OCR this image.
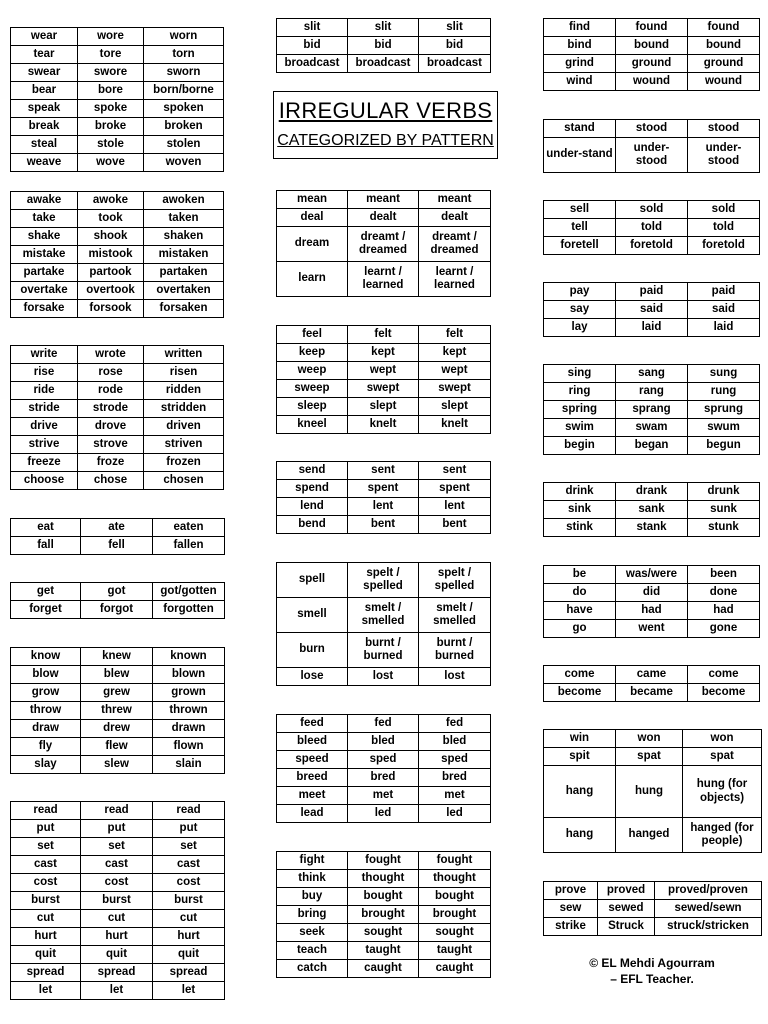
IRREGULAR VERBS
CATEGORIZED BY PATTERN
© EL Mehdi Agourram
– EFL Teacher.
wear	wore	worn
tear	tore	torn
swear	swore	sworn
bear	bore	born/borne
speak	spoke	spoken
break	broke	broken
steal	stole	stolen
weave	wove	woven
awake	awoke	awoken
take	took	taken
shake	shook	shaken
mistake	mistook	mistaken
partake	partook	partaken
overtake	overtook	overtaken
forsake	forsook	forsaken
write	wrote	written
rise	rose	risen
ride	rode	ridden
stride	strode	stridden
drive	drove	driven
strive	strove	striven
freeze	froze	frozen
choose	chose	chosen
eat	ate	eaten
fall	fell	fallen
get	got	got/gotten
forget	forgot	forgotten
know	knew	known
blow	blew	blown
grow	grew	grown
throw	threw	thrown
draw	drew	drawn
fly	flew	flown
slay	slew	slain
read	read	read
put	put	put
set	set	set
cast	cast	cast
cost	cost	cost
burst	burst	burst
cut	cut	cut
hurt	hurt	hurt
quit	quit	quit
spread	spread	spread
let	let	let
slit	slit	slit
bid	bid	bid
broadcast	broadcast	broadcast
mean	meant	meant
deal	dealt	dealt
dream	dreamt / dreamed	dreamt / dreamed
learn	learnt / learned	learnt / learned
feel	felt	felt
keep	kept	kept
weep	wept	wept
sweep	swept	swept
sleep	slept	slept
kneel	knelt	knelt
send	sent	sent
spend	spent	spent
lend	lent	lent
bend	bent	bent
spell	spelt / spelled	spelt / spelled
smell	smelt / smelled	smelt / smelled
burn	burnt / burned	burnt / burned
lose	lost	lost
feed	fed	fed
bleed	bled	bled
speed	sped	sped
breed	bred	bred
meet	met	met
lead	led	led
fight	fought	fought
think	thought	thought
buy	bought	bought
bring	brought	brought
seek	sought	sought
teach	taught	taught
catch	caught	caught
find	found	found
bind	bound	bound
grind	ground	ground
wind	wound	wound
stand	stood	stood
under-stand	under-stood	under-stood
sell	sold	sold
tell	told	told
foretell	foretold	foretold
pay	paid	paid
say	said	said
lay	laid	laid
sing	sang	sung
ring	rang	rung
spring	sprang	sprung
swim	swam	swum
begin	began	begun
drink	drank	drunk
sink	sank	sunk
stink	stank	stunk
be	was/were	been
do	did	done
have	had	had
go	went	gone
come	came	come
become	became	become
win	won	won
spit	spat	spat
hang	hung	hung (for objects)
hang	hanged	hanged (for people)
prove	proved	proved/proven
sew	sewed	sewed/sewn
strike	Struck	struck/stricken
